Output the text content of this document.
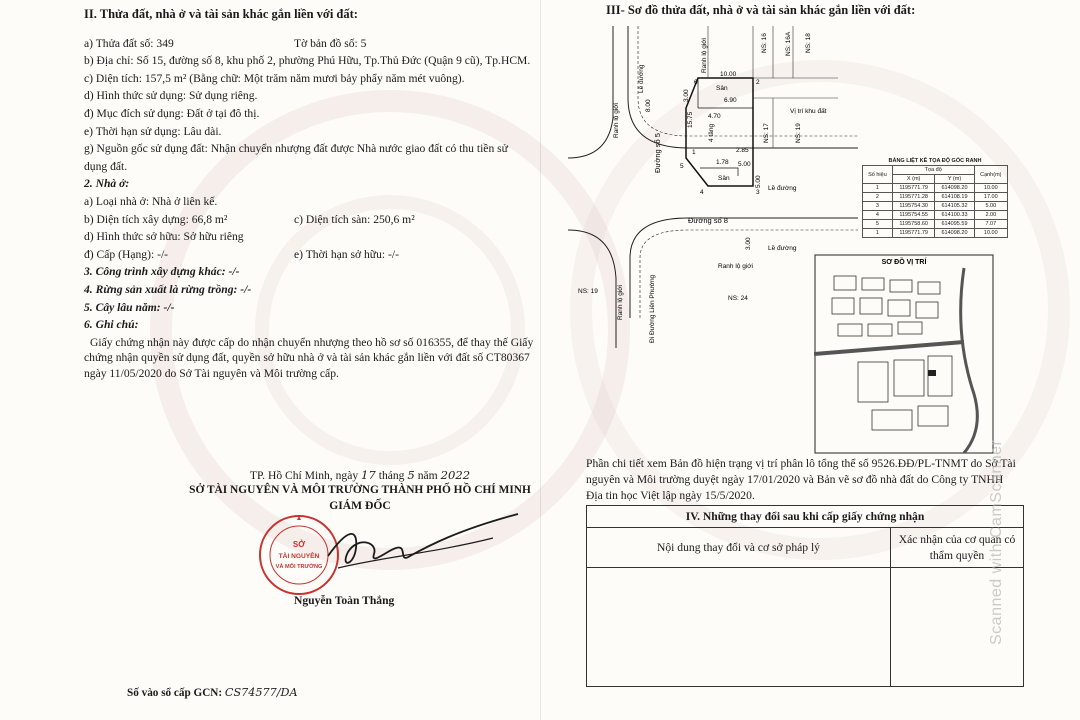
II. Thửa đất, nhà ở và tài sản khác gắn liền với đất:
a) Thửa đất số: 349	Tờ bản đồ số: 5
b) Địa chỉ: Số 15, đường số 8, khu phố 2, phường Phú Hữu, Tp.Thủ Đức (Quận 9 cũ), Tp.HCM.
c) Diện tích: 157,5 m² (Bằng chữ: Một trăm năm mươi bảy phẩy năm mét vuông).
d) Hình thức sử dụng: Sử dụng riêng.
đ) Mục đích sử dụng: Đất ở tại đô thị.
e) Thời hạn sử dụng: Lâu dài.
g) Nguồn gốc sử dụng đất: Nhận chuyển nhượng đất được Nhà nước giao đất có thu tiền sử dụng đất.
2. Nhà ở:
a) Loại nhà ở: Nhà ở liên kế.
b) Diện tích xây dựng: 66,8 m²	c) Diện tích sàn: 250,6 m²
d) Hình thức sở hữu: Sở hữu riêng
đ) Cấp (Hạng): -/-	e) Thời hạn sở hữu: -/-
3. Công trình xây dựng khác: -/-
4. Rừng sản xuất là rừng trồng: -/-
5. Cây lâu năm: -/-
6. Ghi chú:
Giấy chứng nhận này được cấp do nhận chuyển nhượng theo hồ sơ số 016355, để thay thế Giấy chứng nhận quyền sử dụng đất, quyền sở hữu nhà ở và tài sản khác gắn liền với đất số CT80367 ngày 11/05/2020 do Sở Tài nguyên và Môi trường cấp.
TP. Hồ Chí Minh, ngày 17 tháng 5 năm 2022
SỞ TÀI NGUYÊN VÀ MÔI TRƯỜNG THÀNH PHỐ HỒ CHÍ MINH
GIÁM ĐỐC
SỞ
TÀI NGUYÊN
VÀ MÔI TRƯỜNG
Nguyễn Toàn Thắng
Số vào sổ cấp GCN: CS74577/DA
III- Sơ đồ thửa đất, nhà ở và tài sản khác gắn liền với đất:
Lề đường
Ranh lộ giới
Đường số 5
Đường số 8
Lề đường
Lề đường
Ranh lộ giới
Vị trí khu đất
Sân
Sân
4 tầng
Ranh lộ giới	NS: 16	NS: 16A NS: 18
NS: 17	NS: 19
NS: 19
NS: 24
Đi Đường Liên Phường
Ranh lộ giới
10.00
6.90
15.75
5.00
2.85
3.00
8.00
3.00
5.00
4.70
1.78
1
2
3
4
5
6
BẢNG LIỆT KÊ TỌA ĐỘ GÓC RANH
Số hiệu	Tọa độ		Cạnh(m)
	X (m)	Y (m)	
1	1195771.79	614098.20	10.00
2	1195771.28	614108.19	17.00
3	1195754.30	614105.32	5.00
4	1195754.55	614100.33	2.00
5	1195758.60	614095.59	7.07
1	1195771.79	614098.20	10.00
SƠ ĐỒ VỊ TRÍ
Phần chi tiết xem Bản đồ hiện trạng vị trí phân lô tổng thể số 9526.ĐĐ/PL-TNMT do Sở Tài nguyên và Môi trường duyệt ngày 17/01/2020 và Bản vẽ sơ đồ nhà đất do Công ty TNHH Địa tin học Việt lập ngày 15/5/2020.
IV. Những thay đổi sau khi cấp giấy chứng nhận
Nội dung thay đổi và cơ sở pháp lý
Xác nhận của cơ quan có thẩm quyền Scanned with CamScanner
